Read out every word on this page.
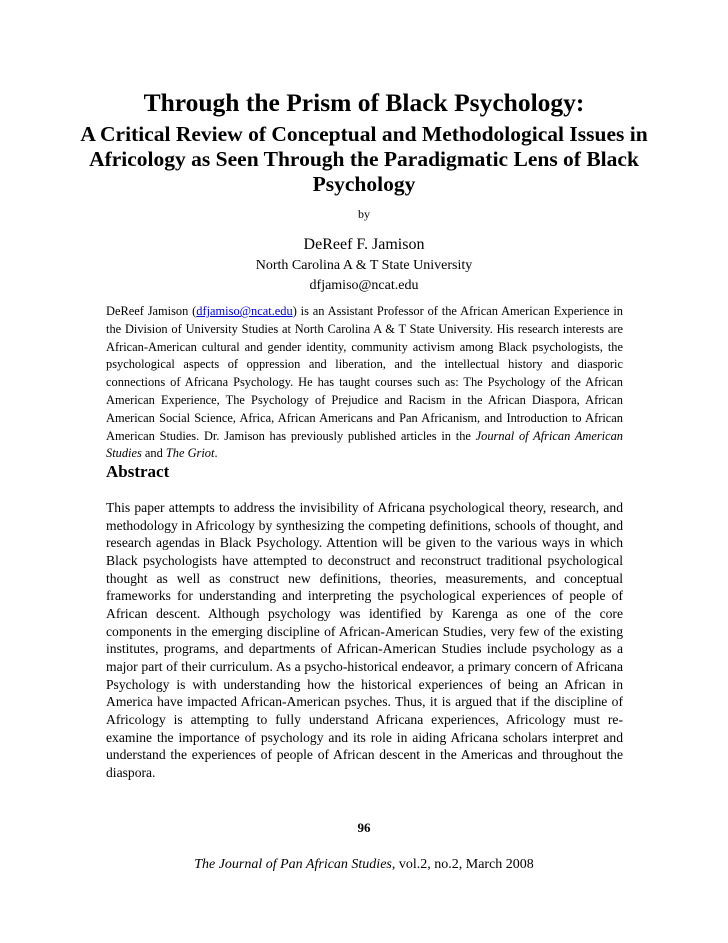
Through the Prism of Black Psychology:
A Critical Review of Conceptual and Methodological Issues in Africology as Seen Through the Paradigmatic Lens of Black Psychology
by
DeReef F. Jamison
North Carolina A & T State University
dfjamiso@ncat.edu
DeReef Jamison (dfjamiso@ncat.edu) is an Assistant Professor of the African American Experience in the Division of University Studies at North Carolina A & T State University. His research interests are African-American cultural and gender identity, community activism among Black psychologists, the psychological aspects of oppression and liberation, and the intellectual history and diasporic connections of Africana Psychology. He has taught courses such as: The Psychology of the African American Experience, The Psychology of Prejudice and Racism in the African Diaspora, African American Social Science, Africa, African Americans and Pan Africanism, and Introduction to African American Studies. Dr. Jamison has previously published articles in the Journal of African American Studies and The Griot.
Abstract
This paper attempts to address the invisibility of Africana psychological theory, research, and methodology in Africology by synthesizing the competing definitions, schools of thought, and research agendas in Black Psychology. Attention will be given to the various ways in which Black psychologists have attempted to deconstruct and reconstruct traditional psychological thought as well as construct new definitions, theories, measurements, and conceptual frameworks for understanding and interpreting the psychological experiences of people of African descent. Although psychology was identified by Karenga as one of the core components in the emerging discipline of African-American Studies, very few of the existing institutes, programs, and departments of African-American Studies include psychology as a major part of their curriculum. As a psycho-historical endeavor, a primary concern of Africana Psychology is with understanding how the historical experiences of being an African in America have impacted African-American psyches. Thus, it is argued that if the discipline of Africology is attempting to fully understand Africana experiences, Africology must re-examine the importance of psychology and its role in aiding Africana scholars interpret and understand the experiences of people of African descent in the Americas and throughout the diaspora.
96
The Journal of Pan African Studies, vol.2, no.2, March 2008
